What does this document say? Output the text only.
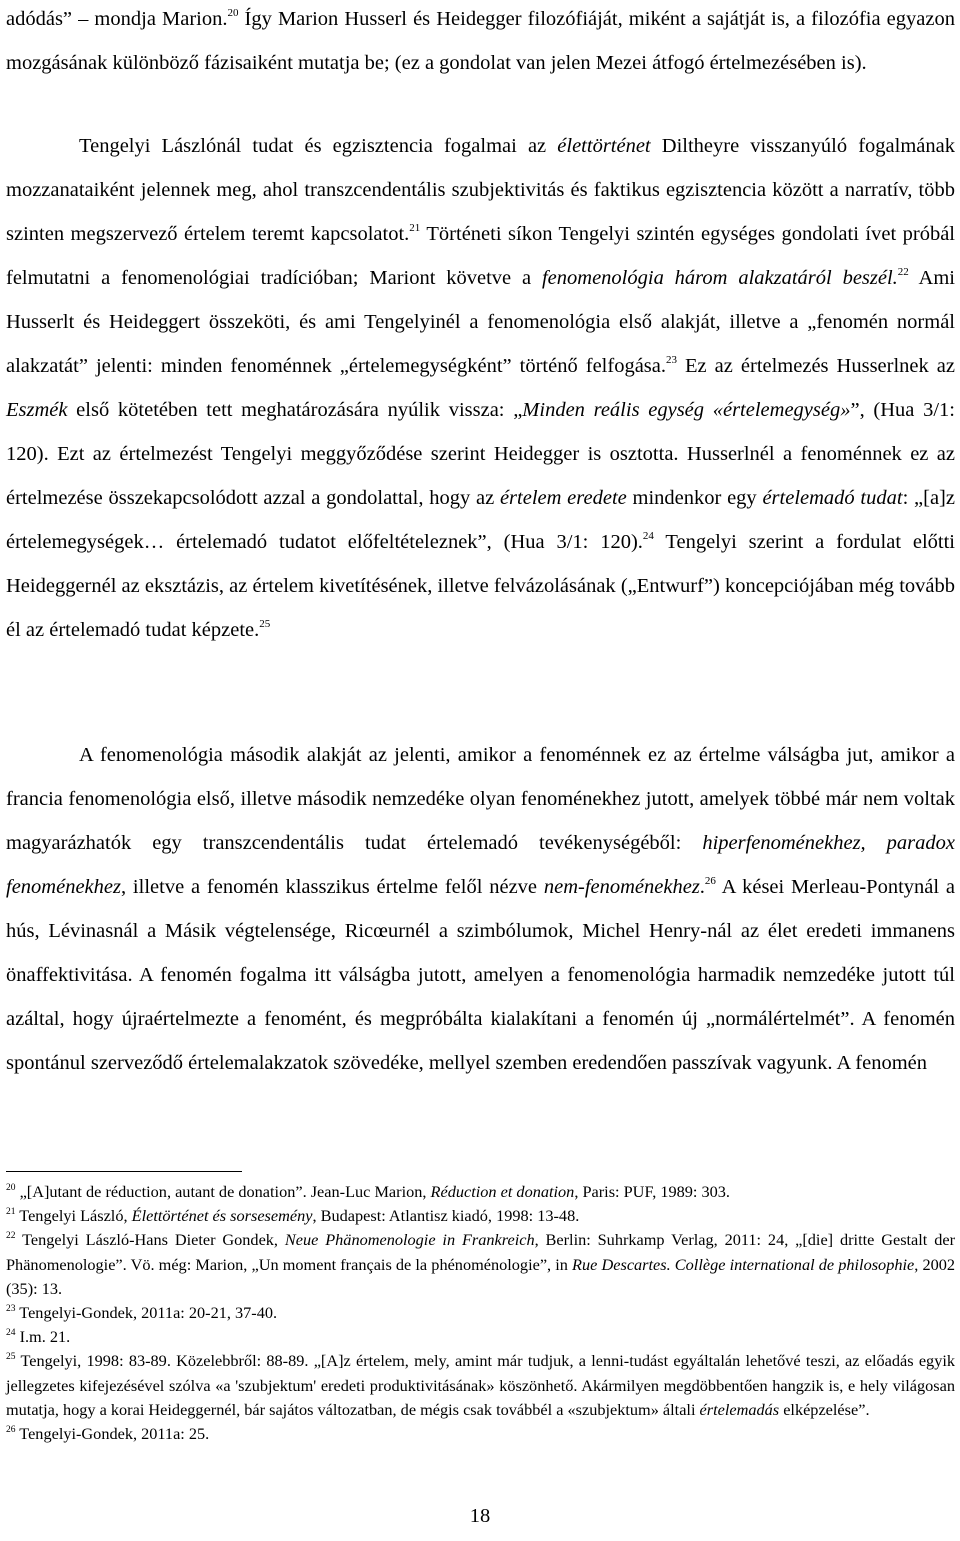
adódás” – mondja Marion.$^{20}$ Így Marion Husserl és Heidegger filozófiáját, miként a sajátját is, a filozófia egyazon mozgásának különböző fázisaiként mutatja be; (ez a gondolat van jelen Mezei átfogó értelmezésében is).

Tengelyi Lászlónál tudat és egzisztencia fogalmai az élettörténet Diltheyre visszanyúló fogalmának mozzanataiként jelennek meg, ahol transzcendentális szubjektivitás és faktikus egzisztencia között a narratív, több szinten megszervező értelem teremt kapcsolatot.$^{21}$ Történeti síkon Tengelyi szintén egységes gondolati ívet próbál felmutatni a fenomenológiai tradícióban; Mariont követve a fenomenológia három alakzatáról beszél.$^{22}$ Ami Husserlt és Heideggert összeköti, és ami Tengelyinél a fenomenológia első alakját, illetve a „fenomén normál alakzatát” jelenti: minden fenoménnek „értelemegységként” történő felfogása.$^{23}$ Ez az értelmezés Husserlnek az Eszmék első kötetében tett meghatározására nyúlik vissza: „Minden reális egység «értelemegység»”, (Hua 3/1: 120). Ezt az értelmezést Tengelyi meggyőződése szerint Heidegger is osztotta. Husserlnél a fenoménnek ez az értelmezése összekapcsolódott azzal a gondolattal, hogy az értelem eredete mindenkor egy értelemadó tudat: „[a]z értelemegységek… értelemadó tudatot előfeltételeznek”, (Hua 3/1: 120).$^{24}$ Tengelyi szerint a fordulat előtti Heideggernél az eksztázis, az értelem kivetítésének, illetve felvázolásának („Entwurf”) koncepciójában még tovább él az értelemadó tudat képzete.$^{25}$

A fenomenológia második alakját az jelenti, amikor a fenoménnek ez az értelme válságba jut, amikor a francia fenomenológia első, illetve második nemzedéke olyan fenoménekhez jutott, amelyek többé már nem voltak magyarázhatók egy transzcendentális tudat értelemadó tevékenységéből: hiperfenoménekhez, paradox fenoménekhez, illetve a fenomén klasszikus értelme felől nézve nem-fenoménekhez.$^{26}$ A kései Merleau-Pontynál a hús, Lévinasnál a Másik végtelensége, Ricœurnél a szimbólumok, Michel Henry-nál az élet eredeti immanens önaffektivitása. A fenomén fogalma itt válságba jutott, amelyen a fenomenológia harmadik nemzedéke jutott túl azáltal, hogy újraértelmezte a fenomént, és megpróbálta kialakítani a fenomén új „normálértelmét”. A fenomén spontánul szerveződő értelemalakzatok szövedéke, mellyel szemben eredendően passzívak vagyunk. A fenomén

$^{20}$ „[A]utant de réduction, autant de donation”. Jean-Luc Marion, Réduction et donation, Paris: PUF, 1989: 303.

$^{21}$ Tengelyi László, Élettörténet és sorsesemény, Budapest: Atlantisz kiadó, 1998: 13-48.

$^{22}$ Tengelyi László-Hans Dieter Gondek, Neue Phänomenologie in Frankreich, Berlin: Suhrkamp Verlag, 2011: 24, „[die] dritte Gestalt der Phänomenologie”. Vö. még: Marion, „Un moment français de la phénoménologie”, in Rue Descartes. Collège international de philosophie, 2002 (35): 13.

$^{23}$ Tengelyi-Gondek, 2011a: 20-21, 37-40.

$^{24}$ I.m. 21.

$^{25}$ Tengelyi, 1998: 83-89. Közelebbről: 88-89. „[A]z értelem, mely, amint már tudjuk, a lenni-tudást egyáltalán lehetővé teszi, az előadás egyik jellegzetes kifejezésével szólva «a 'szubjektum' eredeti produktivitásának» köszönhető. Akármilyen megdöbbentően hangzik is, e hely világosan mutatja, hogy a korai Heideggernél, bár sajátos változatban, de mégis csak továbbél a «szubjektum» általi értelemadás elképzelése”.

$^{26}$ Tengelyi-Gondek, 2011a: 25.

18
